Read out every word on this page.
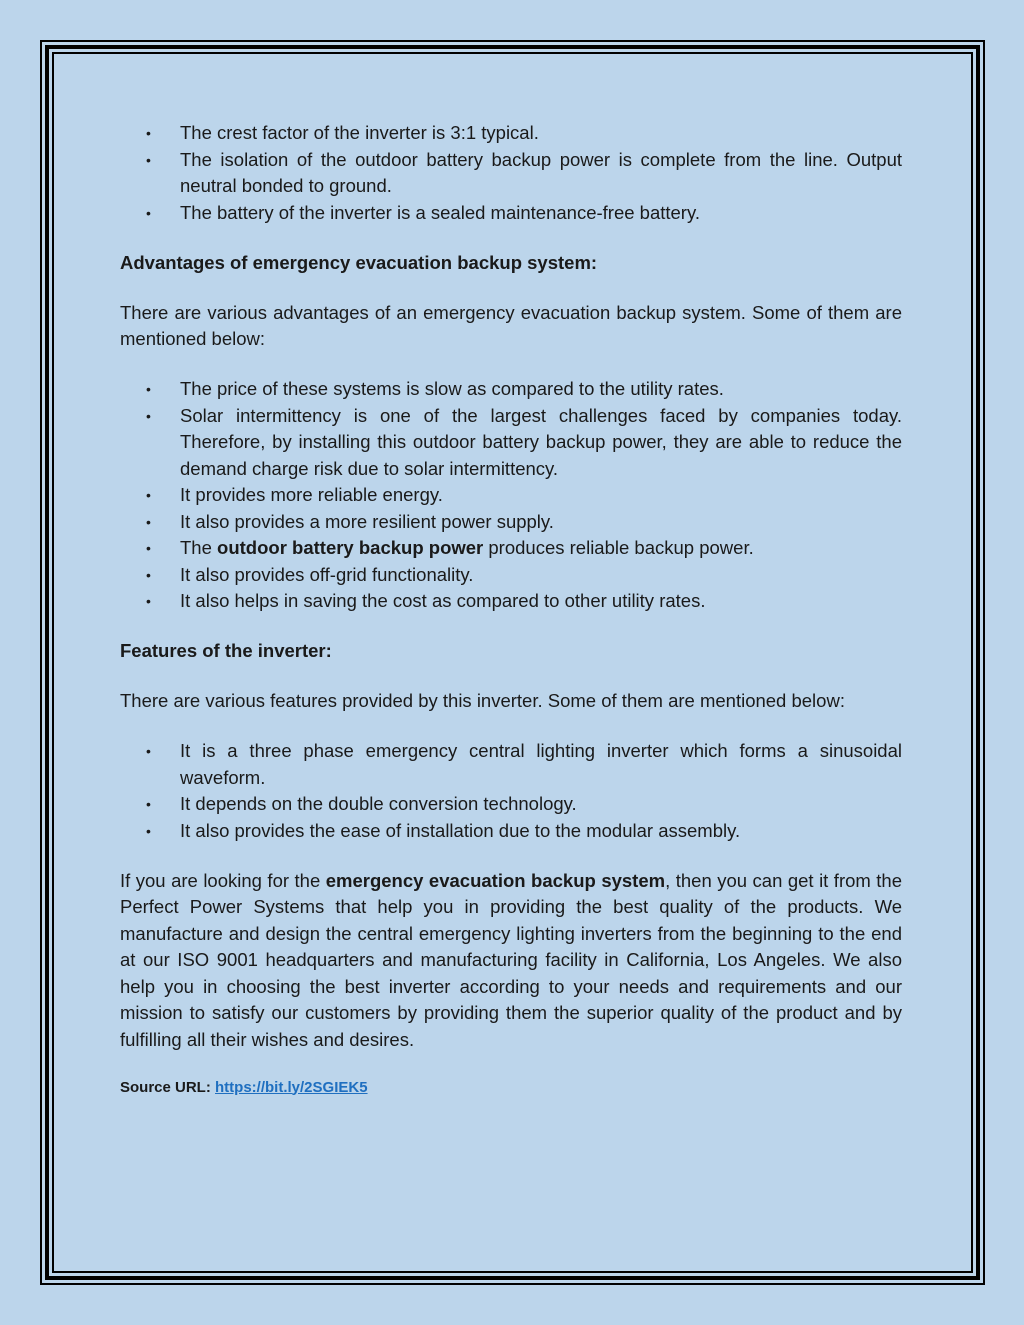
• The crest factor of the inverter is 3:1 typical.
• The isolation of the outdoor battery backup power is complete from the line. Output neutral bonded to ground.
• The battery of the inverter is a sealed maintenance-free battery.

Advantages of emergency evacuation backup system:

There are various advantages of an emergency evacuation backup system. Some of them are mentioned below:

• The price of these systems is slow as compared to the utility rates.
• Solar intermittency is one of the largest challenges faced by companies today. Therefore, by installing this outdoor battery backup power, they are able to reduce the demand charge risk due to solar intermittency.
• It provides more reliable energy.
• It also provides a more resilient power supply.
• The outdoor battery backup power produces reliable backup power.
• It also provides off-grid functionality.
• It also helps in saving the cost as compared to other utility rates.

Features of the inverter:

There are various features provided by this inverter. Some of them are mentioned below:

• It is a three phase emergency central lighting inverter which forms a sinusoidal waveform.
• It depends on the double conversion technology.
• It also provides the ease of installation due to the modular assembly.

If you are looking for the emergency evacuation backup system, then you can get it from the Perfect Power Systems that help you in providing the best quality of the products. We manufacture and design the central emergency lighting inverters from the beginning to the end at our ISO 9001 headquarters and manufacturing facility in California, Los Angeles. We also help you in choosing the best inverter according to your needs and requirements and our mission to satisfy our customers by providing them the superior quality of the product and by fulfilling all their wishes and desires.

Source URL: https://bit.ly/2SGIEK5
